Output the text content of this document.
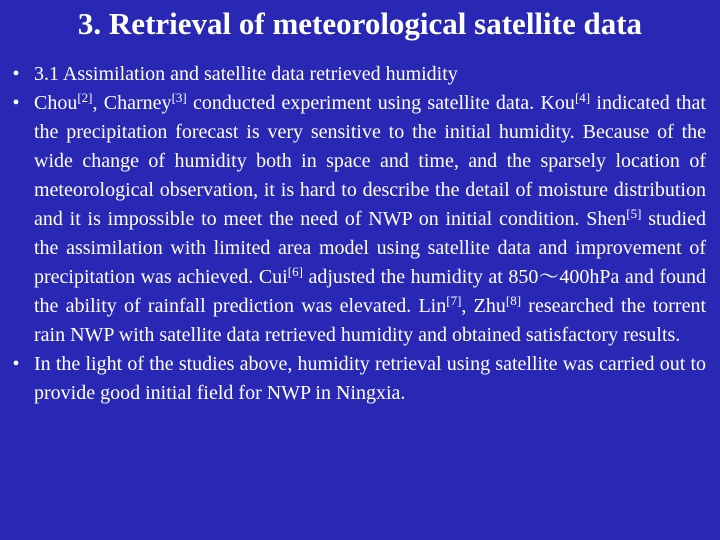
3. Retrieval of meteorological satellite data
• 3.1 Assimilation and satellite data retrieved humidity
• Chou[2], Charney[3] conducted experiment using satellite data. Kou[4] indicated that the precipitation forecast is very sensitive to the initial humidity. Because of the wide change of humidity both in space and time, and the sparsely location of meteorological observation, it is hard to describe the detail of moisture distribution and it is impossible to meet the need of NWP on initial condition. Shen[5] studied the assimilation with limited area model using satellite data and improvement of precipitation was achieved. Cui[6] adjusted the humidity at 850～400hPa and found the ability of rainfall prediction was elevated. Lin[7], Zhu[8] researched the torrent rain NWP with satellite data retrieved humidity and obtained satisfactory results.
• In the light of the studies above, humidity retrieval using satellite was carried out to provide good initial field for NWP in Ningxia.
